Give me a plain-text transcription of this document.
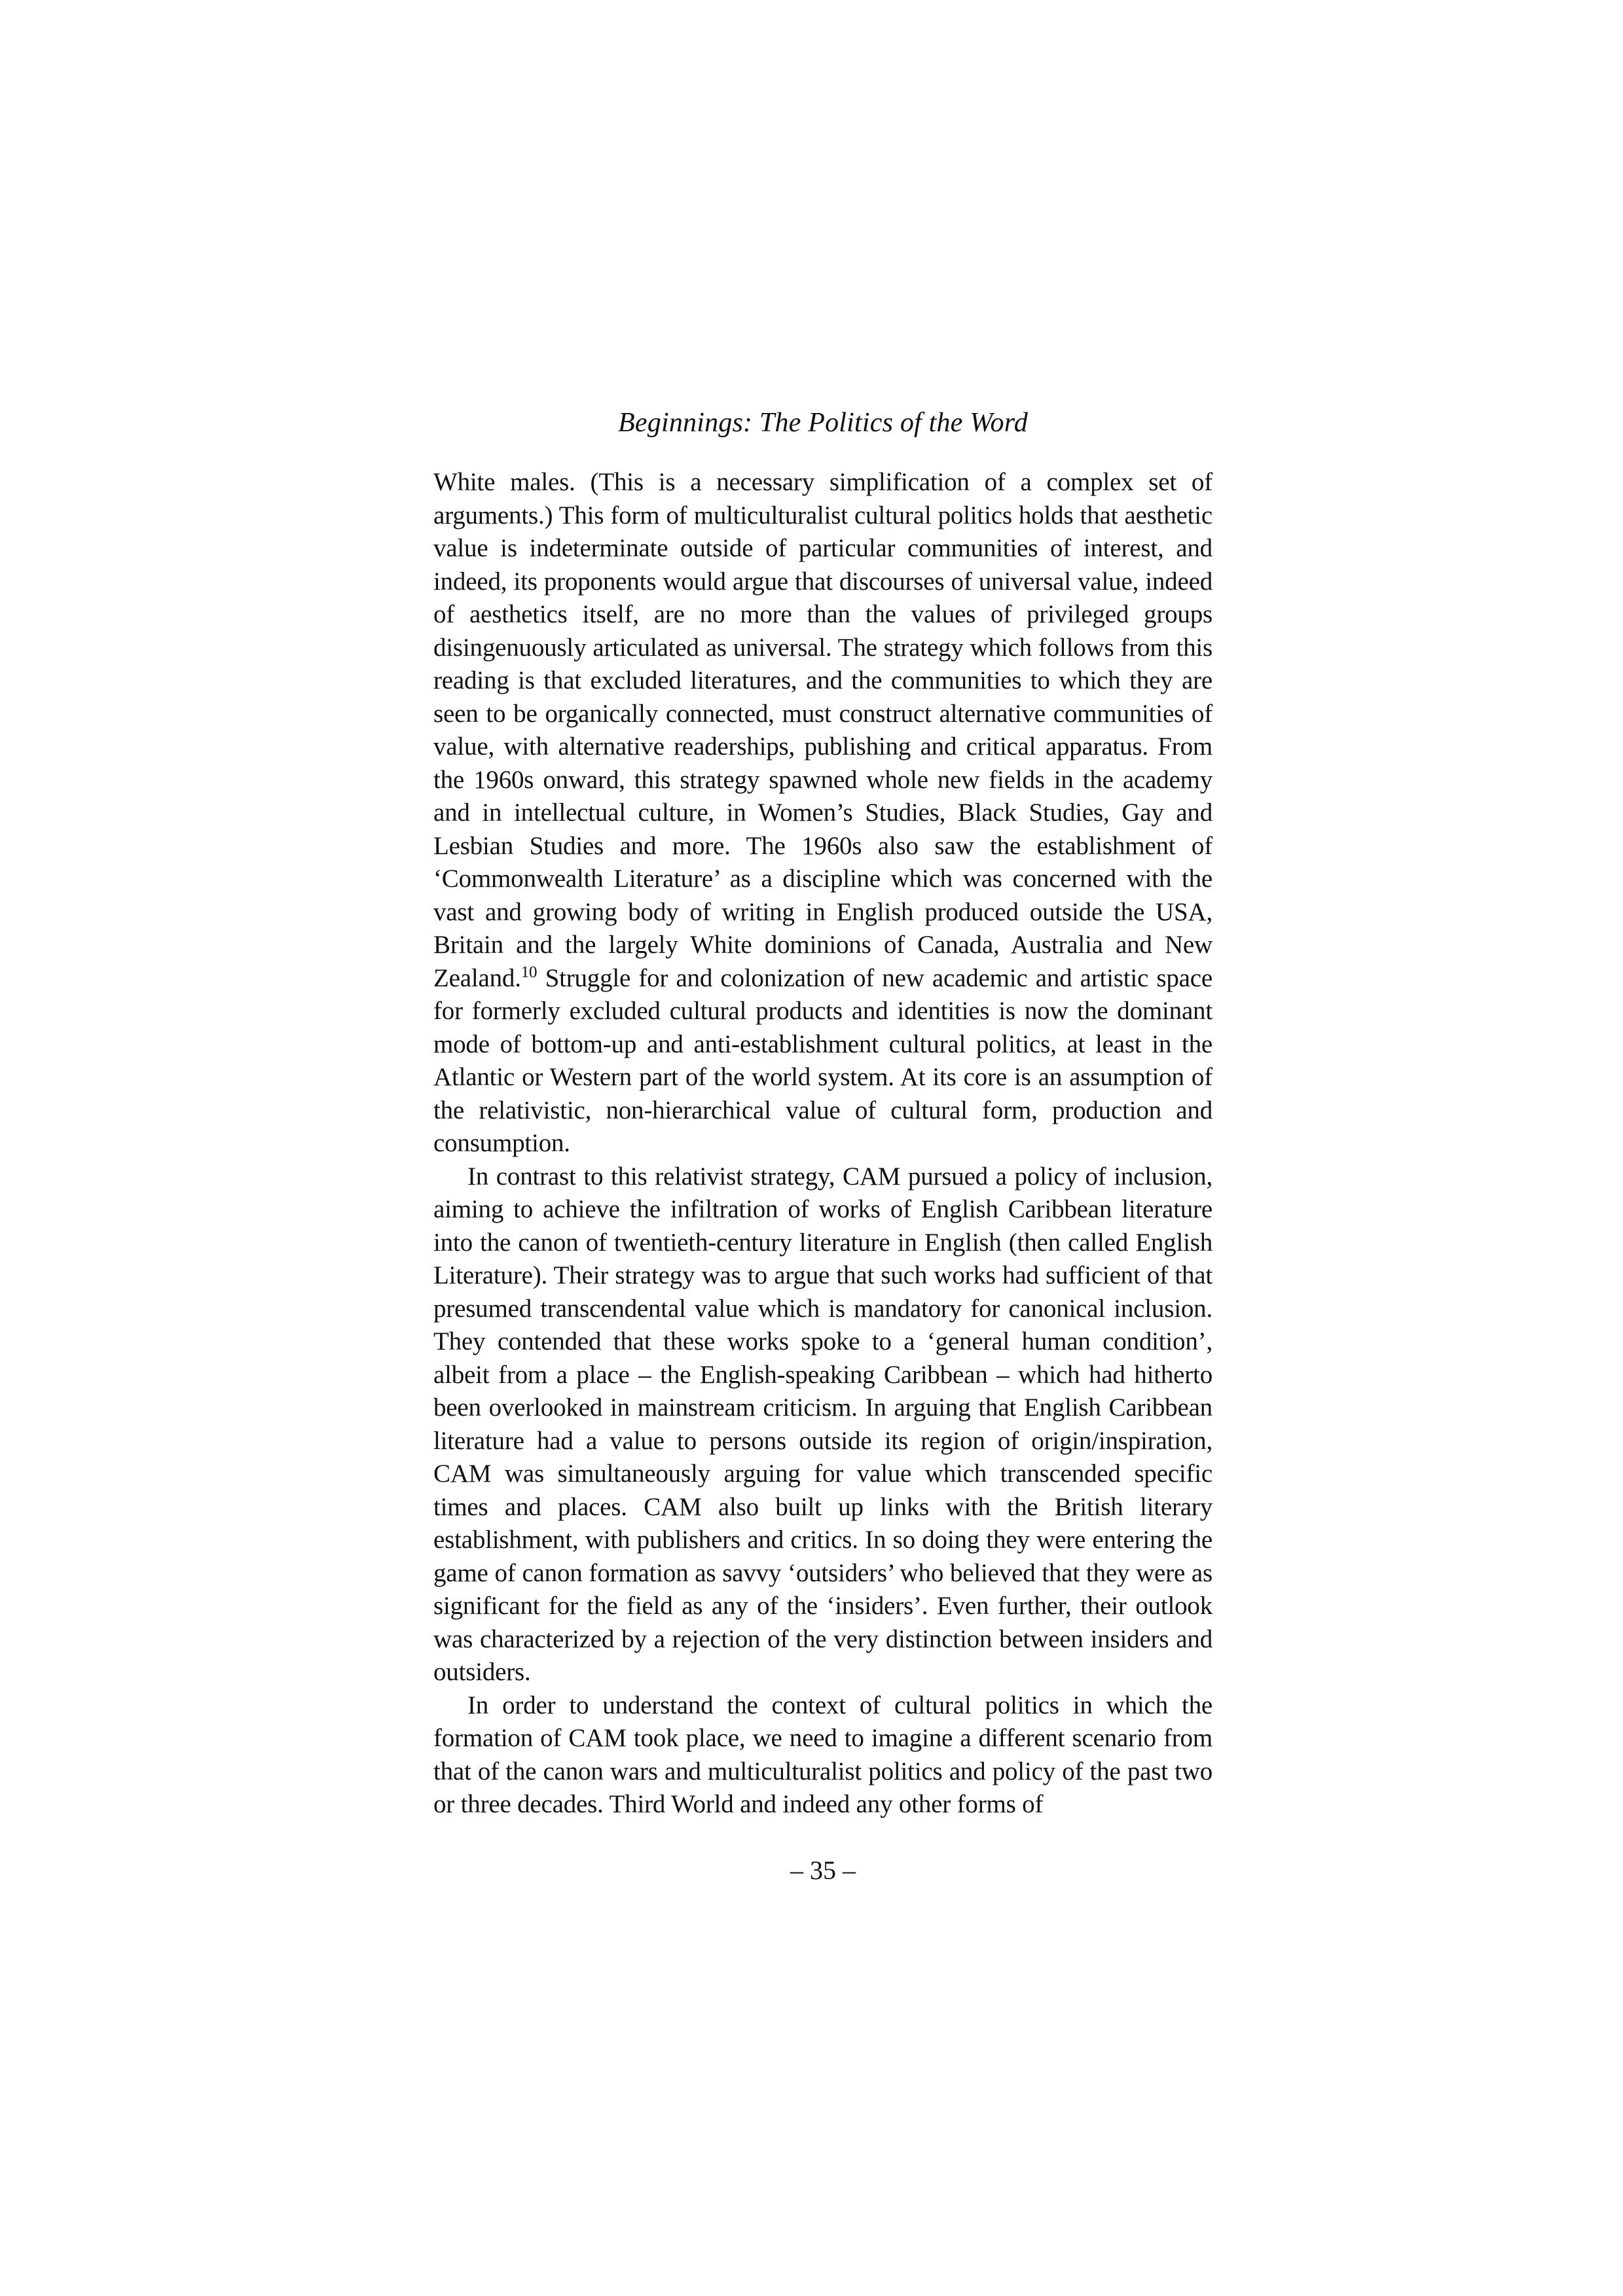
Beginnings: The Politics of the Word

White males. (This is a necessary simplification of a complex set of arguments.) This form of multiculturalist cultural politics holds that aesthetic value is indeterminate outside of particular communities of interest, and indeed, its proponents would argue that discourses of universal value, indeed of aesthetics itself, are no more than the values of privileged groups disingenuously articulated as universal. The strategy which follows from this reading is that excluded literatures, and the communities to which they are seen to be organically connected, must construct alternative communities of value, with alternative readerships, publishing and critical apparatus. From the 1960s onward, this strategy spawned whole new fields in the academy and in intellectual culture, in Women’s Studies, Black Studies, Gay and Lesbian Studies and more. The 1960s also saw the establishment of ‘Commonwealth Literature’ as a discipline which was concerned with the vast and growing body of writing in English produced outside the USA, Britain and the largely White dominions of Canada, Australia and New Zealand.$^{10}$ Struggle for and colonization of new academic and artistic space for formerly excluded cultural products and identities is now the dominant mode of bottom-up and anti-establishment cultural politics, at least in the Atlantic or Western part of the world system. At its core is an assumption of the relativistic, non-hierarchical value of cultural form, production and consumption.

In contrast to this relativist strategy, CAM pursued a policy of inclusion, aiming to achieve the infiltration of works of English Caribbean literature into the canon of twentieth-century literature in English (then called English Literature). Their strategy was to argue that such works had sufficient of that presumed transcendental value which is mandatory for canonical inclusion. They contended that these works spoke to a ‘general human condition’, albeit from a place – the English-speaking Caribbean – which had hitherto been overlooked in mainstream criticism. In arguing that English Caribbean literature had a value to persons outside its region of origin/inspiration, CAM was simultaneously arguing for value which transcended specific times and places. CAM also built up links with the British literary establishment, with publishers and critics. In so doing they were entering the game of canon formation as savvy ‘outsiders’ who believed that they were as significant for the field as any of the ‘insiders’. Even further, their outlook was characterized by a rejection of the very distinction between insiders and outsiders.

In order to understand the context of cultural politics in which the formation of CAM took place, we need to imagine a different scenario from that of the canon wars and multiculturalist politics and policy of the past two or three decades. Third World and indeed any other forms of

– 35 –
